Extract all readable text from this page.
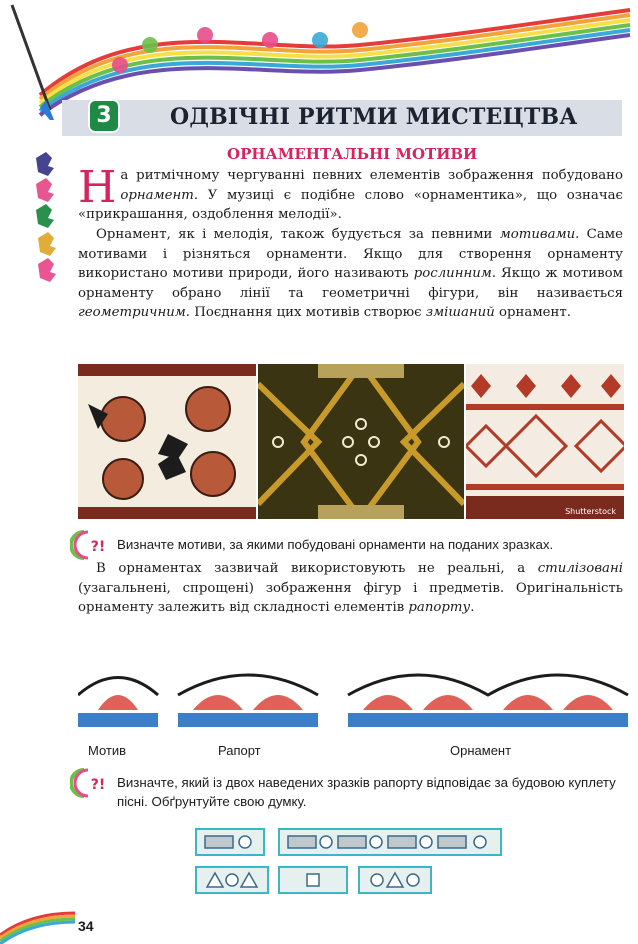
3	ОДВІЧНІ РИТМИ МИСТЕЦТВА
ОРНАМЕНТАЛЬНІ МОТИВИ
На ритмічному чергуванні певних елементів зображення побудовано орнамент. У музиці є подібне слово «орнаментика», що означає «прикрашання, оздоблення мелодії».
Орнамент, як і мелодія, також будується за певними мотивами. Саме мотивами і різняться орнаменти. Якщо для створення орнаменту використано мотиви природи, його називають рослинним. Якщо ж мотивом орнаменту обрано лінії та геометричні фігури, він називається геометричним. Поєднання цих мотивів створює змішаний орнамент.
Shutterstock
?! Визначте мотиви, за якими побудовані орнаменти на поданих зразках.
В орнаментах зазвичай використовують не реальні, а стилізовані (узагальнені, спрощені) зображення фігур і предметів. Оригінальність орнаменту залежить від складності елементів рапорту.
Мотив	Рапорт	Орнамент
?! Визначте, який із двох наведених зразків рапорту відповідає за будовою куплету пісні. Обґрунтуйте свою думку.
34
